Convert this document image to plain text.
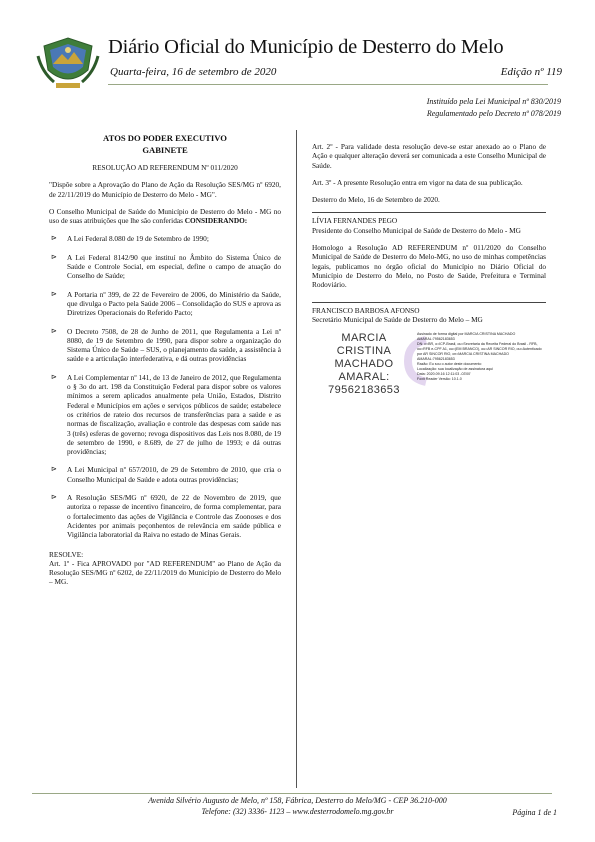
Diário Oficial do Município de Desterro do Melo
Quarta-feira, 16 de setembro de 2020	Edição nº 119
Instituído pela Lei Municipal nº 830/2019
Regulamentado pelo Decreto nº 078/2019
ATOS DO PODER EXECUTIVO
GABINETE
RESOLUÇÃO AD REFERENDUM Nº 011/2020

"Dispõe sobre a Aprovação do Plano de Ação da Resolução SES/MG nº 6920, de 22/11/2019 do Município de Desterro do Melo - MG".

O Conselho Municipal de Saúde do Município de Desterro do Melo - MG no uso de suas atribuições que lhe são conferidas CONSIDERANDO:

⊳ A Lei Federal 8.080 de 19 de Setembro de 1990;
⊳ A Lei Federal 8142/90 que instituí no Âmbito do Sistema Único de Saúde e Controle Social, em especial, define o campo de atuação do Conselho de Saúde;
⊳ A Portaria nº 399, de 22 de Fevereiro de 2006, do Ministério da Saúde, que divulga o Pacto pela Saúde 2006 – Consolidação do SUS e aprova as Diretrizes Operacionais do Referido Pacto;
⊳ O Decreto 7508, de 28 de Junho de 2011, que Regulamenta a Lei nº 8080, de 19 de Setembro de 1990, para dispor sobre a organização do Sistema Único de Saúde – SUS, o planejamento da saúde, a assistência à saúde e a articulação interfederativa, e dá outras providências
⊳ A Lei Complementar nº 141, de 13 de Janeiro de 2012, que Regulamenta o § 3o do art. 198 da Constituição Federal para dispor sobre os valores mínimos a serem aplicados anualmente pela União, Estados, Distrito Federal e Municípios em ações e serviços públicos de saúde; estabelece os critérios de rateio dos recursos de transferências para a saúde e as normas de fiscalização, avaliação e controle das despesas com saúde nas 3 (três) esferas de governo; revoga dispositivos das Leis nos 8.080, de 19 de setembro de 1990, e 8.689, de 27 de julho de 1993; e dá outras providências;
⊳ A Lei Municipal nº 657/2010, de 29 de Setembro de 2010, que cria o Conselho Municipal de Saúde e adota outras providências;
⊳ A Resolução SES/MG nº 6920, de 22 de Novembro de 2019, que autoriza o repasse de incentivo financeiro, de forma complementar, para o fortalecimento das ações de Vigilância e Controle das Zoonoses e dos Acidentes por animais peçonhentos de relevância em saúde pública e Vigilância laboratorial da Raiva no estado de Minas Gerais.
RESOLVE:
Art. 1º - Fica APROVADO por "AD REFERENDUM" ao Plano de Ação da Resolução SES/MG nº 6202, de 22/11/2019 do Município de Desterro do Melo – MG.

Art. 2º - Para validade desta resolução deve-se estar anexado ao o Plano de Ação e qualquer alteração deverá ser comunicada a este Conselho Municipal de Saúde.

Art. 3º - A presente Resolução entra em vigor na data de sua publicação.

Desterro do Melo, 16 de Setembro de 2020.

LÍVIA FERNANDES PEGO
Presidente do Conselho Municipal de Saúde de Desterro do Melo - MG

Homologo a Resolução AD REFERENDUM nº 011/2020 do Conselho Municipal de Saúde de Desterro do Melo-MG, no uso de minhas competências legais, publicamos no órgão oficial do Município no Diário Oficial do Município de Desterro do Melo, no Posto de Saúde, Prefeitura e Terminal Rodoviário.

FRANCISCO BARBOSA AFONSO
Secretário Municipal de Saúde de Desterro do Melo – MG
MARCIA CRISTINA
MACHADO
AMARAL:
79562183653
Assinado de forma digital por MARCIA CRISTINA MACHADO AMARAL:79562183653
DN: c=BR, o=ICP-Brasil, ou=Secretaria da Receita Federal do Brasil - RFB, ou=RFB e-CPF A1, ou=(EM BRANCO), ou=AR SINCOR RIO, ou=Autenticado por AR SINCOR RIO, cn=MARCIA CRISTINA MACHADO AMARAL:79562183653
Razão: Eu sou o autor deste documento
Localização: sua localização de assinatura aqui
Data: 2020.09.16 12:11:03 -03'00'
Foxit Reader Versão: 10.1.0
Avenida Silvério Augusto de Melo, nº 158, Fábrica, Desterro do Melo/MG - CEP 36.210-000
Telefone: (32) 3336- 1123 – www.desterrodomelo.mg.gov.br	Página 1 de 1
